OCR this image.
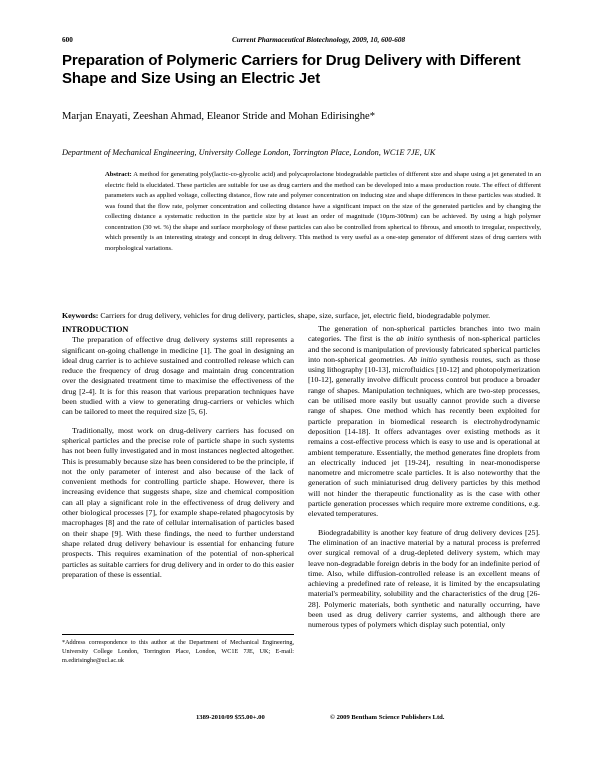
600	Current Pharmaceutical Biotechnology, 2009, 10, 600-608
Preparation of Polymeric Carriers for Drug Delivery with Different Shape and Size Using an Electric Jet
Marjan Enayati, Zeeshan Ahmad, Eleanor Stride and Mohan Edirisinghe*
Department of Mechanical Engineering, University College London, Torrington Place, London, WC1E 7JE, UK
Abstract: A method for generating poly(lactic-co-glycolic acid) and polycaprolactone biodegradable particles of different size and shape using a jet generated in an electric field is elucidated. These particles are suitable for use as drug carriers and the method can be developed into a mass production route. The effect of different parameters such as applied voltage, collecting distance, flow rate and polymer concentration on inducing size and shape differences in these particles was studied. It was found that the flow rate, polymer concentration and collecting distance have a significant impact on the size of the generated particles and by changing the collecting distance a systematic reduction in the particle size by at least an order of magnitude (10µm-300nm) can be achieved. By using a high polymer concentration (30 wt. %) the shape and surface morphology of these particles can also be controlled from spherical to fibrous, and smooth to irregular, respectively, which presently is an interesting strategy and concept in drug delivery. This method is very useful as a one-step generator of different sizes of drug carriers with morphological variations.
Keywords: Carriers for drug delivery, vehicles for drug delivery, particles, shape, size, surface, jet, electric field, biodegradable polymer.

INTRODUCTION

The preparation of effective drug delivery systems still represents a significant on-going challenge in medicine [1]. The goal in designing an ideal drug carrier is to achieve sustained and controlled release which can reduce the frequency of drug dosage and maintain drug concentration over the designated treatment time to maximise the effectiveness of the drug [2-4]. It is for this reason that various preparation techniques have been studied with a view to generating drug-carriers or vehicles which can be tailored to meet the required size [5, 6].

Traditionally, most work on drug-delivery carriers has focused on spherical particles and the precise role of particle shape in such systems has not been fully investigated and in most instances neglected altogether. This is presumably because size has been considered to be the principle, if not the only parameter of interest and also because of the lack of convenient methods for controlling particle shape. However, there is increasing evidence that suggests shape, size and chemical composition can all play a significant role in the effectiveness of drug delivery and other biological processes [7], for example shape-related phagocytosis by macrophages [8] and the rate of cellular internalisation of particles based on their shape [9]. With these findings, the need to further understand shape related drug delivery behaviour is essential for enhancing future prospects. This requires examination of the potential of non-spherical particles as suitable carriers for drug delivery and in order to do this easier preparation of these is essential.

The generation of non-spherical particles branches into two main categories. The first is the ab initio synthesis of non-spherical particles and the second is manipulation of previously fabricated spherical particles into non-spherical geometries. Ab initio synthesis routes, such as those using lithography [10-13], microfluidics [10-12] and photopolymerization [10-12], generally involve difficult process control but produce a broader range of shapes. Manipulation techniques, which are two-step processes, can be utilised more easily but usually cannot provide such a diverse range of shapes. One method which has recently been exploited for particle preparation in biomedical research is electrohydrodynamic deposition [14-18]. It offers advantages over existing methods as it remains a cost-effective process which is easy to use and is operational at ambient temperature. Essentially, the method generates fine droplets from an electrically induced jet [19-24], resulting in near-monodisperse nanometre and micrometre scale particles. It is also noteworthy that the generation of such miniaturised drug delivery particles by this method will not hinder the therapeutic functionality as is the case with other particle generation processes which require more extreme conditions, e.g. elevated temperatures.

Biodegradability is another key feature of drug delivery devices [25]. The elimination of an inactive material by a natural process is preferred over surgical removal of a drug-depleted delivery system, which may leave non-degradable foreign debris in the body for an indefinite period of time. Also, while diffusion-controlled release is an excellent means of achieving a predefined rate of release, it is limited by the encapsulating material's permeability, solubility and the characteristics of the drug [26-28]. Polymeric materials, both synthetic and naturally occurring, have been used as drug delivery carrier systems, and although there are numerous types of polymers which display such potential, only

*Address correspondence to this author at the Department of Mechanical Engineering, University College London, Torrington Place, London, WC1E 7JE, UK; E-mail: m.edirisinghe@ucl.ac.uk
1389-2010/09 $55.00+.00	© 2009 Bentham Science Publishers Ltd.
